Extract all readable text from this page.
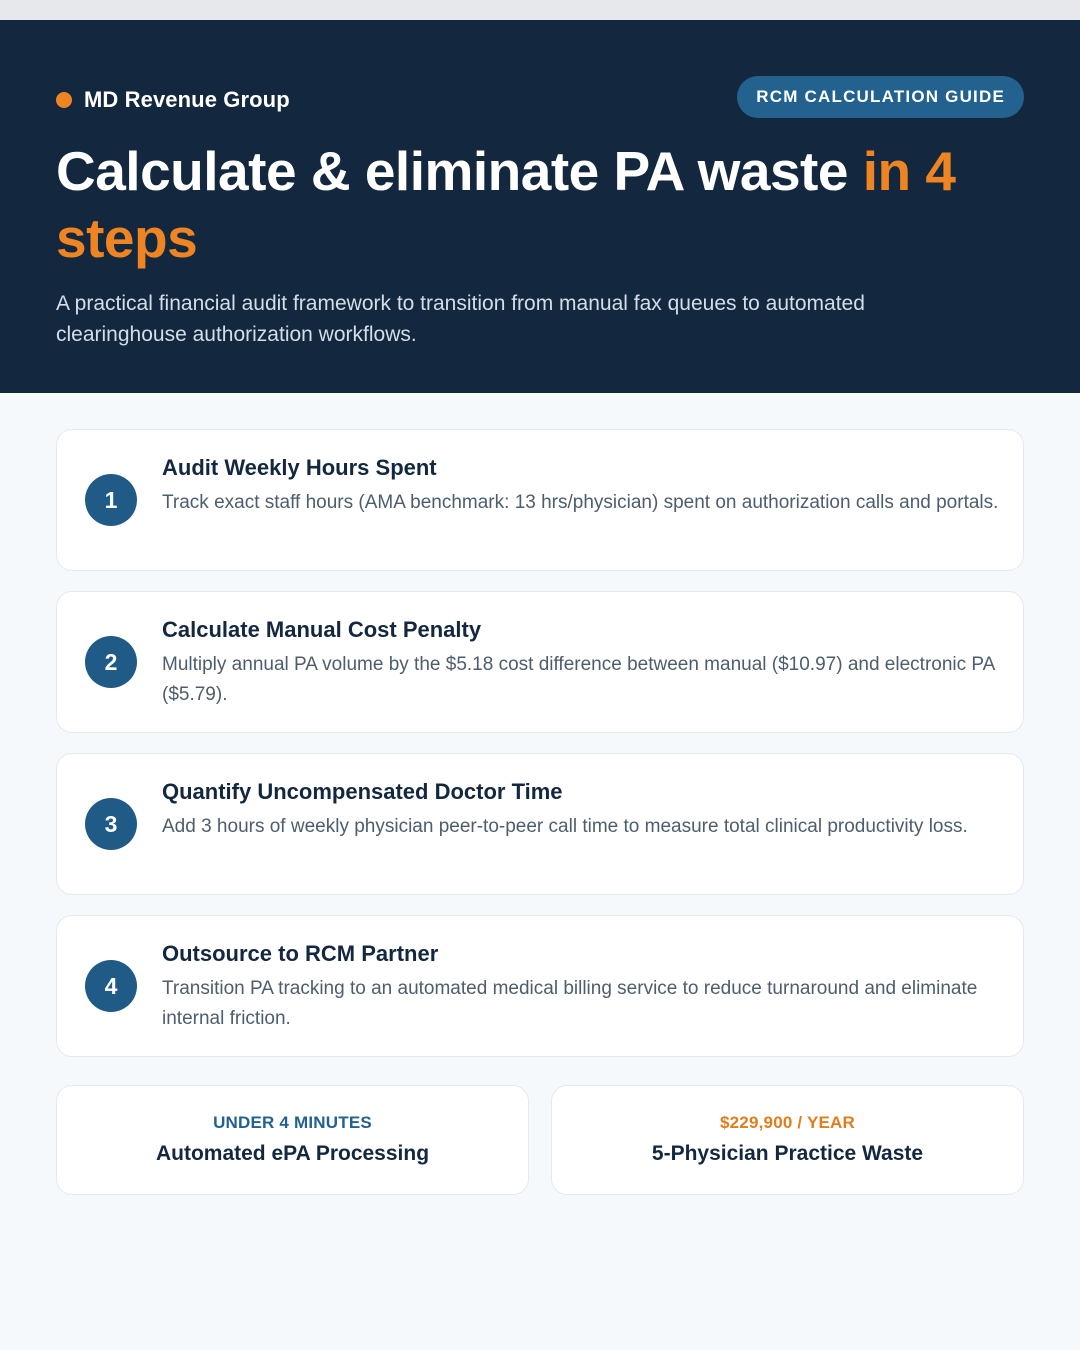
MD Revenue Group	RCM CALCULATION GUIDE
Calculate & eliminate PA waste in 4 steps

A practical financial audit framework to transition from manual fax queues to automated clearinghouse authorization workflows.

1
Audit Weekly Hours Spent

Track exact staff hours (AMA benchmark: 13 hrs/physician) spent on authorization calls and portals.

2
Calculate Manual Cost Penalty

Multiply annual PA volume by the $5.18 cost difference between manual ($10.97) and electronic PA ($5.79).

3
Quantify Uncompensated Doctor Time

Add 3 hours of weekly physician peer-to-peer call time to measure total clinical productivity loss.

4
Outsource to RCM Partner

Transition PA tracking to an automated medical billing service to reduce turnaround and eliminate internal friction.

UNDER 4 MINUTES
Automated ePA Processing
$229,900 / YEAR
5-Physician Practice Waste
